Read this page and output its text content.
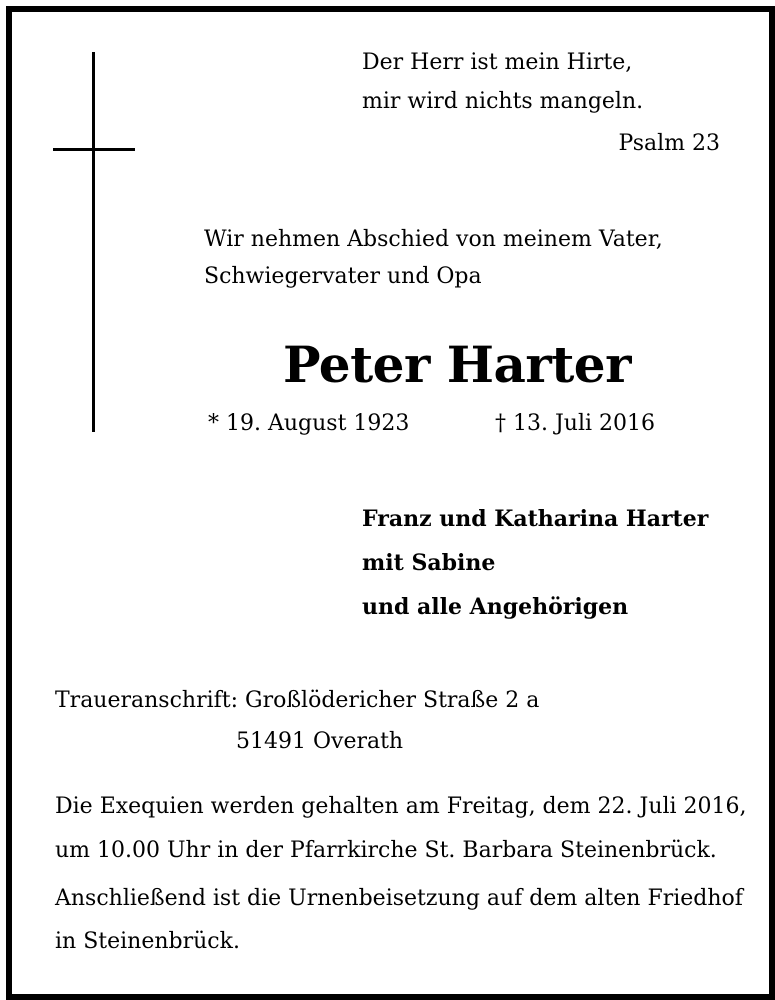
Der Herr ist mein Hirte,
mir wird nichts mangeln.
Psalm 23
Wir nehmen Abschied von meinem Vater,
Schwiegervater und Opa
Peter Harter
* 19. August 1923	† 13. Juli 2016
Franz und Katharina Harter
mit Sabine
und alle Angehörigen
Traueranschrift: Großlödericher Straße 2 a
51491 Overath
Die Exequien werden gehalten am Freitag, dem 22. Juli 2016,
um 10.00 Uhr in der Pfarrkirche St. Barbara Steinenbrück.
Anschließend ist die Urnenbeisetzung auf dem alten Friedhof
in Steinenbrück.
